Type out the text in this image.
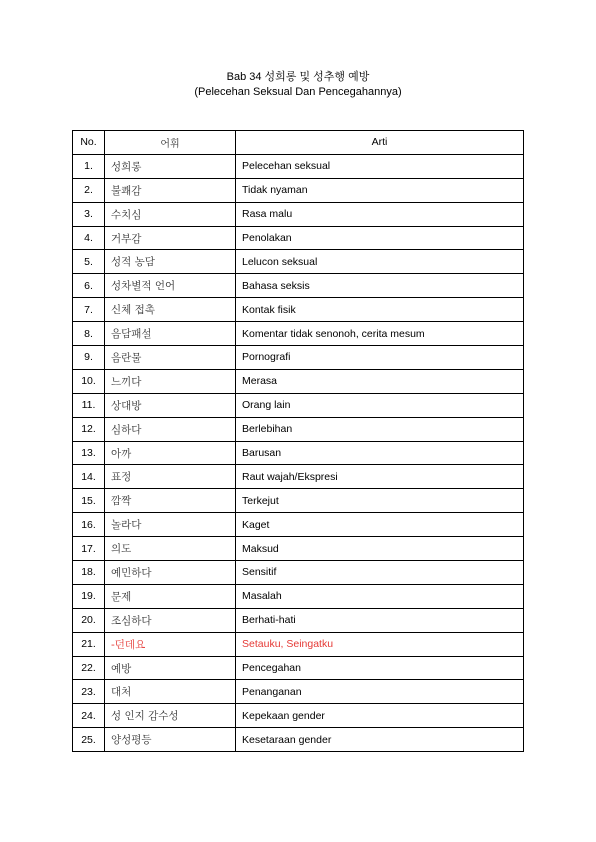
Bab 34 성희롱 및 성추행 예방
(Pelecehan Seksual Dan Pencegahannya)
No.	어휘	Arti
1.	성희롱	Pelecehan seksual
2.	불쾌감	Tidak nyaman
3.	수치심	Rasa malu
4.	거부감	Penolakan
5.	성적 농담	Lelucon seksual
6.	성차별적 언어	Bahasa seksis
7.	신체 접촉	Kontak fisik
8.	음담패설	Komentar tidak senonoh, cerita mesum
9.	음란물	Pornografi
10.	느끼다	Merasa
11.	상대방	Orang lain
12.	심하다	Berlebihan
13.	아까	Barusan
14.	표정	Raut wajah/Ekspresi
15.	깜짝	Terkejut
16.	놀라다	Kaget
17.	의도	Maksud
18.	예민하다	Sensitif
19.	문제	Masalah
20.	조심하다	Berhati-hati
21.	-던데요	Setauku, Seingatku
22.	예방	Pencegahan
23.	대처	Penanganan
24.	성 인지 감수성	Kepekaan gender
25.	양성평등	Kesetaraan gender
